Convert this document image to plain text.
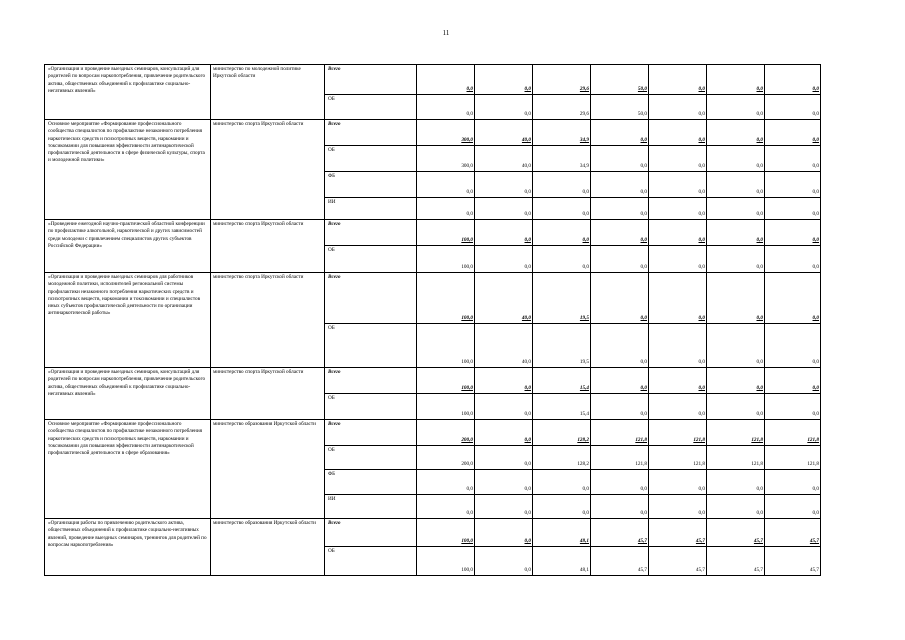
11
«Организация и проведение выездных семинаров, консультаций для родителей по вопросам наркопотребления, привлечение родительского актива, общественных объединений к профилактике социально-негативных явлений»	министерство по молодежной политике Иркутской области	Всего	0,0	0,0	29,6	50,0	0,0	0,0	0,0
		ОБ	0,0	0,0	29,6	50,0	0,0	0,0	0,0
Основное мероприятие «Формирование профессионального сообщества специалистов по профилактике незаконного потребления наркотических средств и психотропных веществ, наркомании и токсикомании для повышения эффективности антинаркотической профилактической деятельности в сфере физической культуры, спорта и молодежной политики»	министерство спорта Иркутской области	Всего	300,0	40,0	34,9	0,0	0,0	0,0	0,0
		ОБ	300,0	40,0	34,9	0,0	0,0	0,0	0,0
		ФБ	0,0	0,0	0,0	0,0	0,0	0,0	0,0
		ИИ	0,0	0,0	0,0	0,0	0,0	0,0	0,0
«Проведение ежегодной научно-практической областной конференции по профилактике алкогольной, наркотической и других зависимостей среди молодежи с привлечением специалистов других субъектов Российской Федерации»	министерство спорта Иркутской области	Всего	100,0	0,0	0,0	0,0	0,0	0,0	0,0
		ОБ	100,0	0,0	0,0	0,0	0,0	0,0	0,0
«Организация и проведение выездных семинаров для работников молодежной политики, исполнителей региональной системы профилактики незаконного потребления наркотических средств и психотропных веществ, наркомании и токсикомании и специалистов иных субъектов профилактической деятельности по организации антинаркотической работы»	министерство спорта Иркутской области	Всего	100,0	40,0	19,5	0,0	0,0	0,0	0,0
		ОБ	100,0	40,0	19,5	0,0	0,0	0,0	0,0
«Организация и проведение выездных семинаров, консультаций для родителей по вопросам наркопотребления, привлечение родительского актива, общественных объединений к профилактике социально-негативных явлений»	министерство спорта Иркутской области	Всего	100,0	0,0	15,4	0,0	0,0	0,0	0,0
		ОБ	100,0	0,0	15,4	0,0	0,0	0,0	0,0
Основное мероприятие «Формирование профессионального сообщества специалистов по профилактике незаконного потребления наркотических средств и психотропных веществ, наркомании и токсикомании для повышения эффективности антинаркотической профилактической деятельности в сфере образования»	министерство образования Иркутской области	Всего	200,0	0,0	128,2	121,8	121,8	121,8	121,8
		ОБ	200,0	0,0	128,2	121,8	121,8	121,8	121,8
		ФБ	0,0	0,0	0,0	0,0	0,0	0,0	0,0
		ИИ	0,0	0,0	0,0	0,0	0,0	0,0	0,0
«Организация работы по привлечению родительского актива, общественных объединений к профилактике социально-негативных явлений, проведение выездных семинаров, тренингов для родителей по вопросам наркопотребления»	министерство образования Иркутской области	Всего	100,0	0,0	48,1	45,7	45,7	45,7	45,7
		ОБ	100,0	0,0	48,1	45,7	45,7	45,7	45,7
